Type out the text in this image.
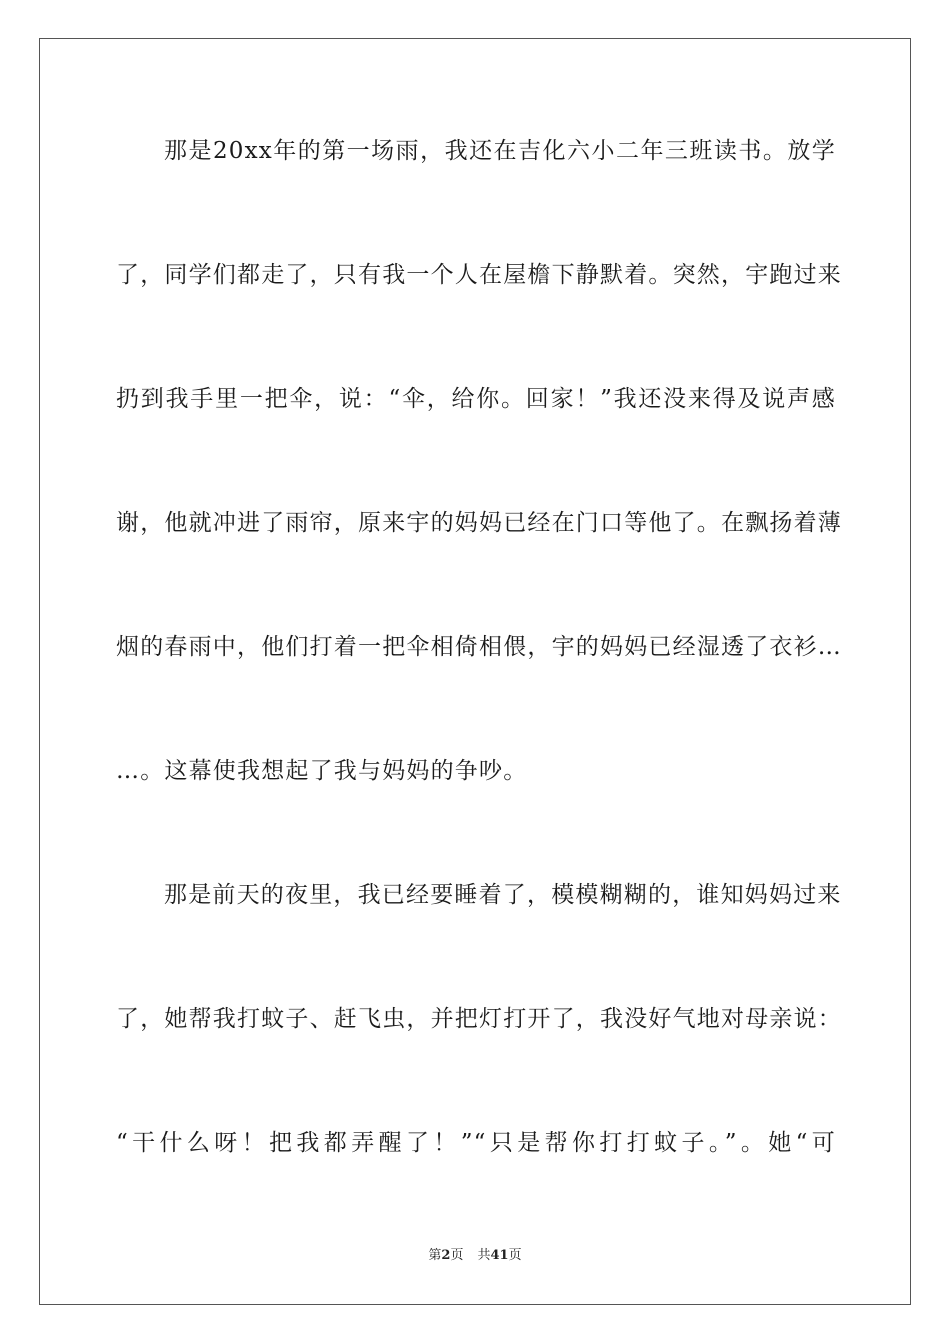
那是20xx年的第一场雨，我还在吉化六小二年三班读书。放学
了，同学们都走了，只有我一个人在屋檐下静默着。突然，宇跑过来
扔到我手里一把伞，说：“伞，给你。回家！”我还没来得及说声感
谢，他就冲进了雨帘，原来宇的妈妈已经在门口等他了。在飘扬着薄
烟的春雨中，他们打着一把伞相倚相偎，宇的妈妈已经湿透了衣衫…
…。这幕使我想起了我与妈妈的争吵。
那是前天的夜里，我已经要睡着了，模模糊糊的，谁知妈妈过来
了，她帮我打蚊子、赶飞虫，并把灯打开了，我没好气地对母亲说：
“干什么呀！把我都弄醒了！”“只是帮你打打蚊子。”。她“可
第2页 共41页
